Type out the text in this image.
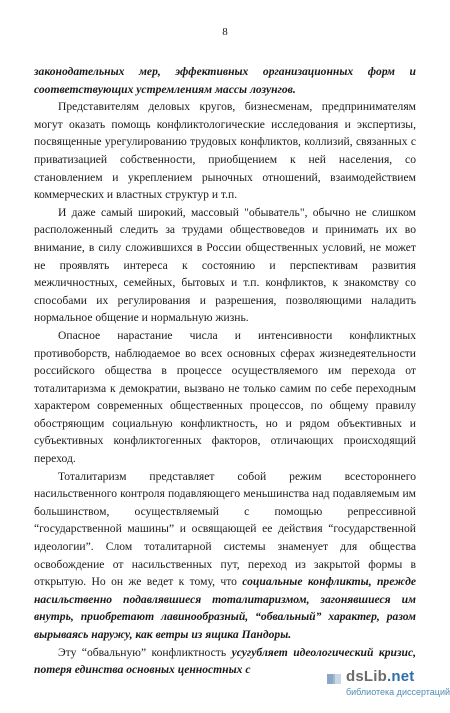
8

законодательных мер, эффективных организационных форм и соответствующих устремлениям массы лозунгов.

Представителям деловых кругов, бизнесменам, предпринимателям могут оказать помощь конфликтологические исследования и экспертизы, посвященные урегулированию трудовых конфликтов, коллизий, связанных с приватизацией собственности, приобщением к ней населения, со становлением и укреплением рыночных отношений, взаимодействием коммерческих и властных структур и т.п.

И даже самый широкий, массовый "обыватель", обычно не слишком расположенный следить за трудами обществоведов и принимать их во внимание, в силу сложившихся в России общественных условий, не может не проявлять интереса к состоянию и перспективам развития межличностных, семейных, бытовых и т.п. конфликтов, к знакомству со способами их регулирования и разрешения, позволяющими наладить нормальное общение и нормальную жизнь.

Опасное нарастание числа и интенсивности конфликтных противоборств, наблюдаемое во всех основных сферах жизнедеятельности российского общества в процессе осуществляемого им перехода от тоталитаризма к демократии, вызвано не только самим по себе переходным характером современных общественных процессов, по общему правилу обостряющим социальную конфликтность, но и рядом объективных и субъективных конфликтогенных факторов, отличающих происходящий переход.

Тоталитаризм представляет собой режим всестороннего насильственного контроля подавляющего меньшинства над подавляемым им большинством, осуществляемый с помощью репрессивной “государственной машины” и освящающей ее действия “государственной идеологии”. Слом тоталитарной системы знаменует для общества освобождение от насильственных пут, переход из закрытой формы в открытую. Но он же ведет к тому, что социальные конфликты, прежде насильственно подавлявшиеся тоталитаризмом, загонявшиеся им внутрь, приобретают лавинообразный, “обвальный” характер, разом вырываясь наружу, как ветры из ящика Пандоры.

Эту “обвальную” конфликтность усугубляет идеологический кризис, потеря единства основных ценностных с	dsLib.net
библиотека диссертаций
